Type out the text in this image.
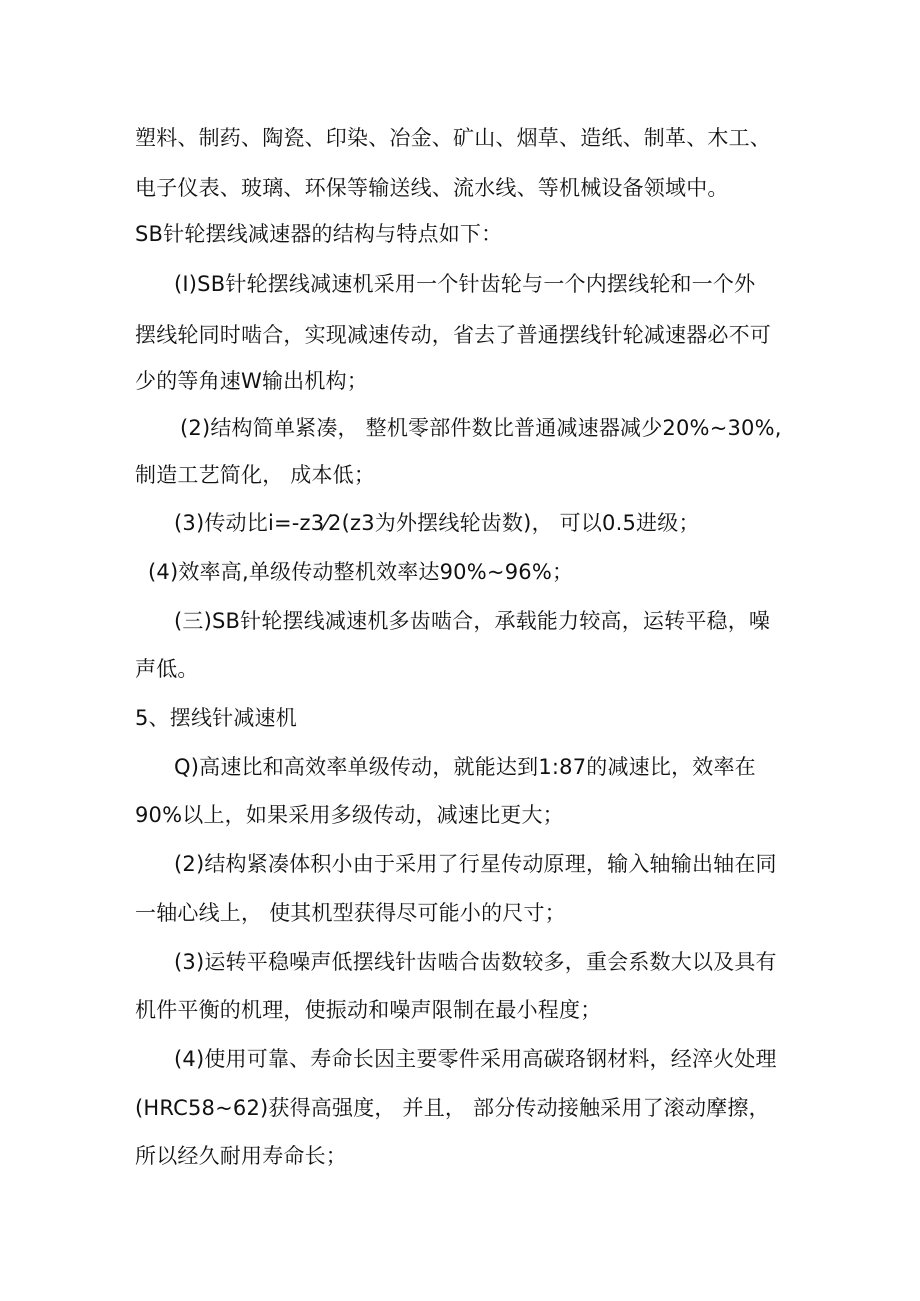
塑料、制药、陶瓷、印染、冶金、矿山、烟草、造纸、制革、木工、

电子仪表、玻璃、环保等输送线、流水线、等机械设备领域中。

SB针轮摆线减速器的结构与特点如下：

(I)SB针轮摆线减速机采用一个针齿轮与一个内摆线轮和一个外

摆线轮同时啮合，实现减速传动，省去了普通摆线针轮减速器必不可

少的等角速W输出机构；

(2)结构简单紧凑， 整机零部件数比普通减速器减少20%~30%,

制造工艺简化， 成本低；

(3)传动比i=-z3⁄2(z3为外摆线轮齿数)， 可以0.5进级；

(4)效率高,单级传动整机效率达90%~96%；

(三)SB针轮摆线减速机多齿啮合，承载能力较高，运转平稳，噪

声低。

5、摆线针减速机

Q)高速比和高效率单级传动，就能达到1:87的减速比，效率在

90%以上，如果采用多级传动，减速比更大；

(2)结构紧凑体积小由于采用了行星传动原理，输入轴输出轴在同

一轴心线上， 使其机型获得尽可能小的尺寸；

(3)运转平稳噪声低摆线针齿啮合齿数较多，重会系数大以及具有

机件平衡的机理，使振动和噪声限制在最小程度；

(4)使用可靠、寿命长因主要零件采用高碳珞钢材料，经淬火处理

(HRC58~62)获得高强度， 并且， 部分传动接触采用了滚动摩擦，

所以经久耐用寿命长；
